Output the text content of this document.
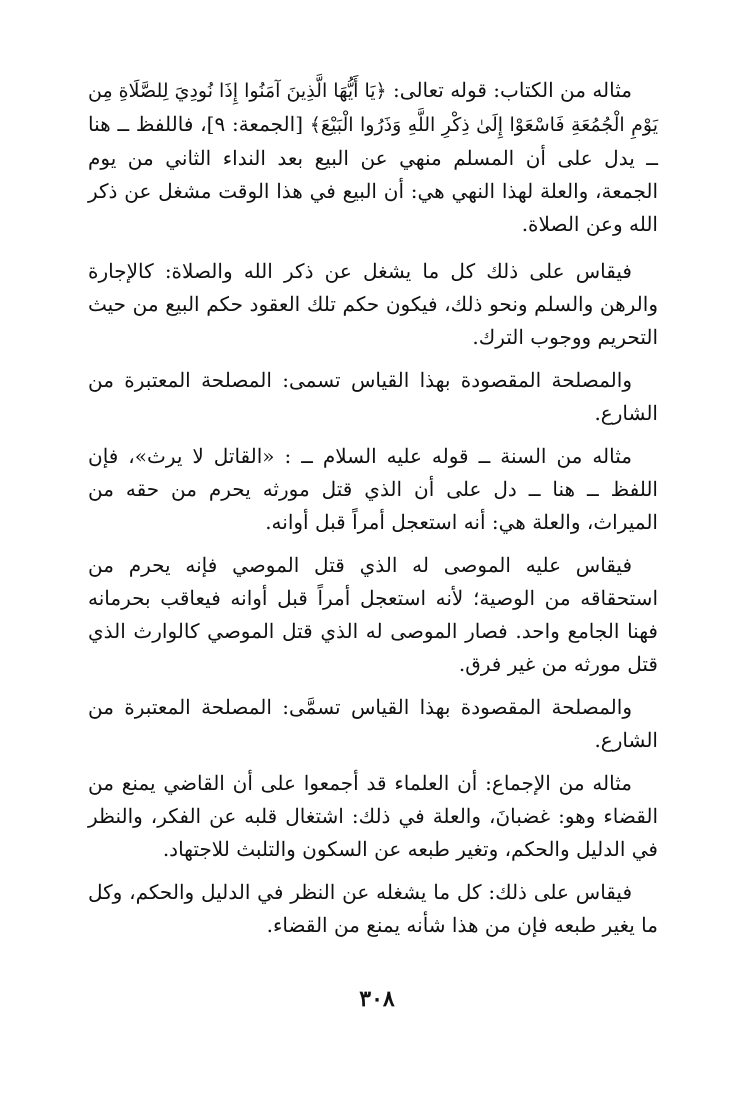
مثاله من الكتاب: قوله تعالى: ﴿يَا أَيُّهَا الَّذِينَ آمَنُوا إِذَا نُودِيَ لِلصَّلَاةِ مِن يَوْمِ الْجُمُعَةِ فَاسْعَوْا إِلَىٰ ذِكْرِ اللَّهِ وَذَرُوا الْبَيْعَ﴾ [الجمعة: ٩]، فاللفظ ــ هنا ــ يدل على أن المسلم منهي عن البيع بعد النداء الثاني من يوم الجمعة، والعلة لهذا النهي هي: أن البيع في هذا الوقت مشغل عن ذكر الله وعن الصلاة.

فيقاس على ذلك كل ما يشغل عن ذكر الله والصلاة: كالإجارة والرهن والسلم ونحو ذلك، فيكون حكم تلك العقود حكم البيع من حيث التحريم ووجوب الترك.

والمصلحة المقصودة بهذا القياس تسمى: المصلحة المعتبرة من الشارع.

مثاله من السنة ــ قوله عليه السلام ــ : «القاتل لا يرث»، فإن اللفظ ــ هنا ــ دل على أن الذي قتل مورثه يحرم من حقه من الميراث، والعلة هي: أنه استعجل أمراً قبل أوانه.

فيقاس عليه الموصى له الذي قتل الموصي فإنه يحرم من استحقاقه من الوصية؛ لأنه استعجل أمراً قبل أوانه فيعاقب بحرمانه فهنا الجامع واحد. فصار الموصى له الذي قتل الموصي كالوارث الذي قتل مورثه من غير فرق.

والمصلحة المقصودة بهذا القياس تسمَّى: المصلحة المعتبرة من الشارع.

مثاله من الإجماع: أن العلماء قد أجمعوا على أن القاضي يمنع من القضاء وهو: غضبانَ، والعلة في ذلك: اشتغال قلبه عن الفكر، والنظر في الدليل والحكم، وتغير طبعه عن السكون والتلبث للاجتهاد.

فيقاس على ذلك: كل ما يشغله عن النظر في الدليل والحكم، وكل ما يغير طبعه فإن من هذا شأنه يمنع من القضاء.

٣٠٨
